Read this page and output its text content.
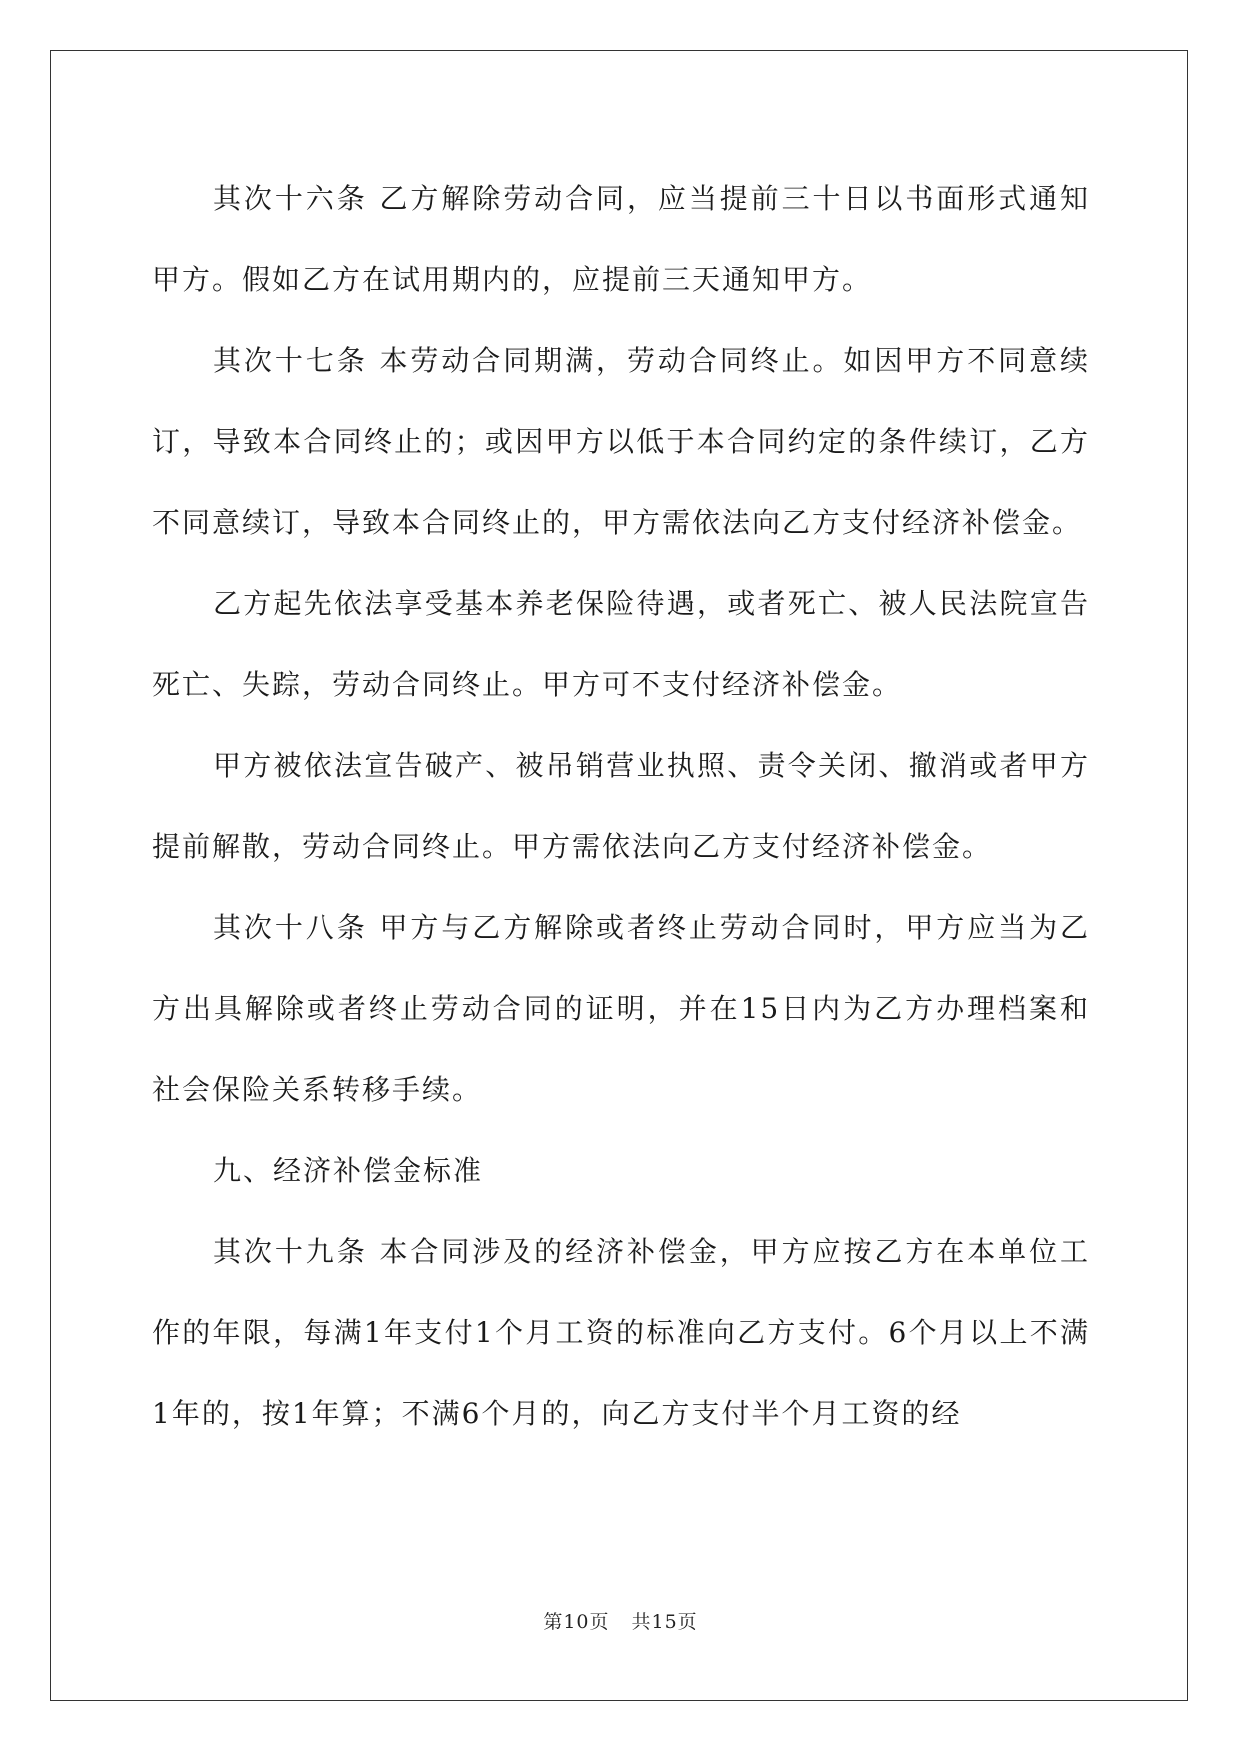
其次十六条 乙方解除劳动合同，应当提前三十日以书面形式通知甲方。假如乙方在试用期内的，应提前三天通知甲方。

其次十七条 本劳动合同期满，劳动合同终止。如因甲方不同意续订，导致本合同终止的；或因甲方以低于本合同约定的条件续订，乙方不同意续订，导致本合同终止的，甲方需依法向乙方支付经济补偿金。

乙方起先依法享受基本养老保险待遇，或者死亡、被人民法院宣告死亡、失踪，劳动合同终止。甲方可不支付经济补偿金。

甲方被依法宣告破产、被吊销营业执照、责令关闭、撤消或者甲方提前解散，劳动合同终止。甲方需依法向乙方支付经济补偿金。

其次十八条 甲方与乙方解除或者终止劳动合同时，甲方应当为乙方出具解除或者终止劳动合同的证明，并在15日内为乙方办理档案和社会保险关系转移手续。

九、经济补偿金标准

其次十九条 本合同涉及的经济补偿金，甲方应按乙方在本单位工作的年限，每满1年支付1个月工资的标准向乙方支付。6个月以上不满1年的，按1年算；不满6个月的，向乙方支付半个月工资的经

第10页 共15页
